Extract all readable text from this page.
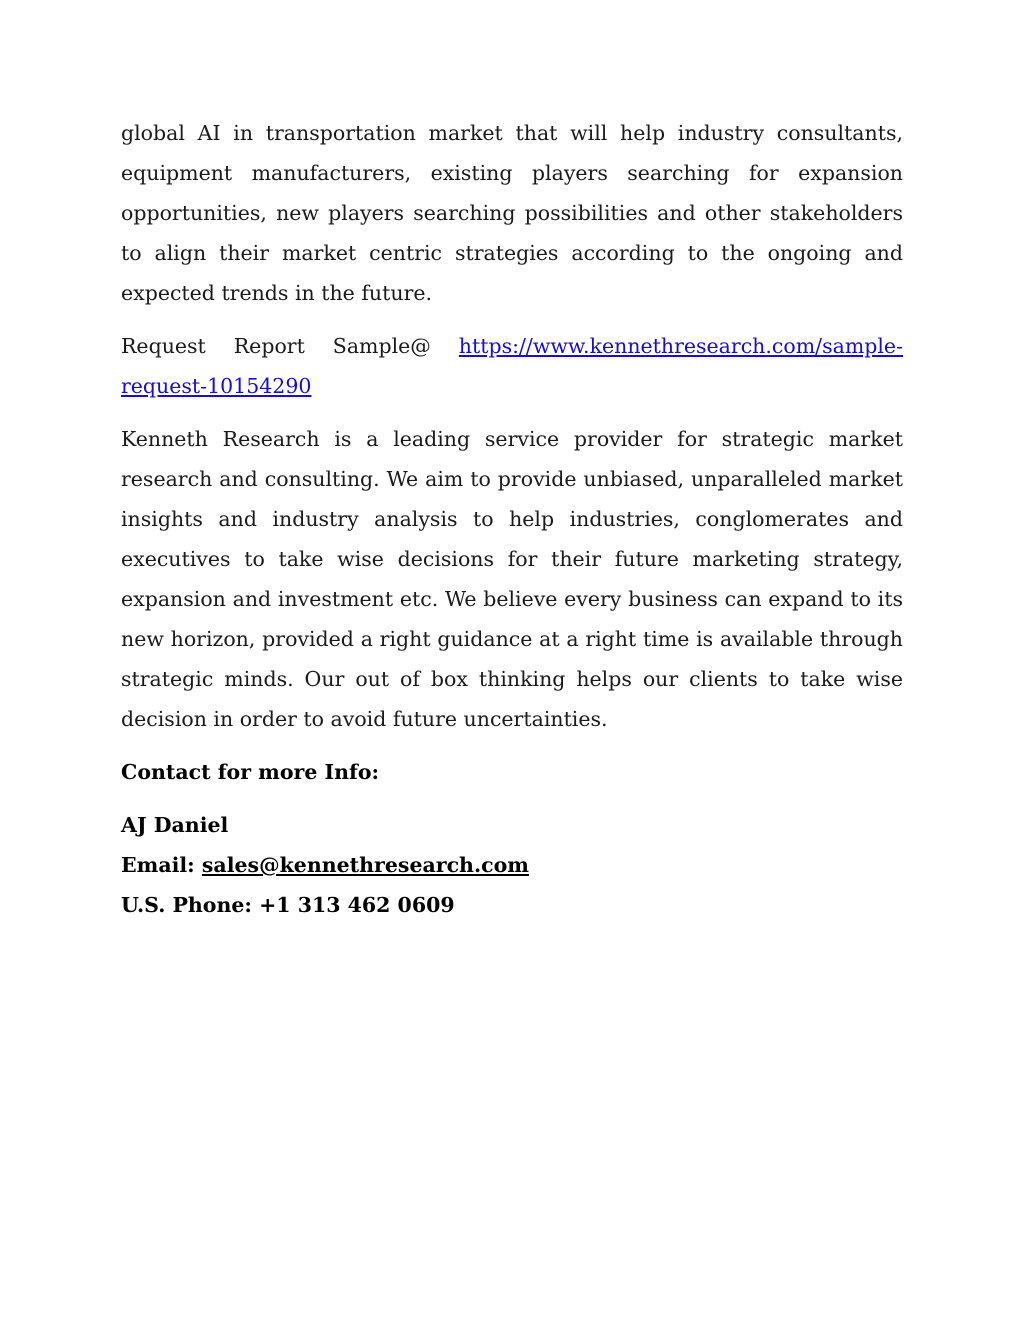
global AI in transportation market that will help industry consultants, equipment manufacturers, existing players searching for expansion opportunities, new players searching possibilities and other stakeholders to align their market centric strategies according to the ongoing and expected trends in the future.

Request Report Sample@ https://www.kennethresearch.com/sample-request-10154290

Kenneth Research is a leading service provider for strategic market research and consulting. We aim to provide unbiased, unparalleled market insights and industry analysis to help industries, conglomerates and executives to take wise decisions for their future marketing strategy, expansion and investment etc. We believe every business can expand to its new horizon, provided a right guidance at a right time is available through strategic minds. Our out of box thinking helps our clients to take wise decision in order to avoid future uncertainties.

Contact for more Info:
AJ Daniel
Email: sales@kennethresearch.com
U.S. Phone: +1 313 462 0609
